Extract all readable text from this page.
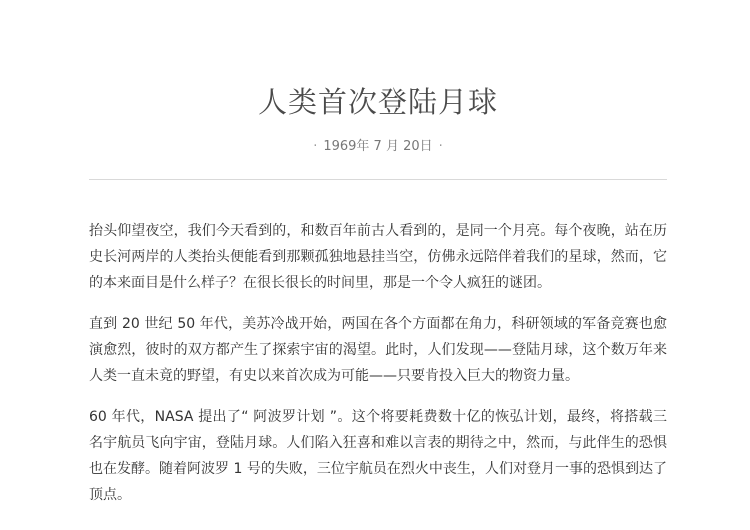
人类首次登陆月球
· 1969年 7 月 20日 ·

抬头仰望夜空，我们今天看到的，和数百年前古人看到的，是同一个月亮。每个夜晚，站在历史长河两岸的人类抬头便能看到那颗孤独地悬挂当空，仿佛永远陪伴着我们的星球，然而，它的本来面目是什么样子？在很长很长的时间里，那是一个令人疯狂的谜团。

直到 20 世纪 50 年代，美苏冷战开始，两国在各个方面都在角力，科研领域的军备竞赛也愈演愈烈，彼时的双方都产生了探索宇宙的渴望。此时，人们发现——登陆月球，这个数万年来人类一直未竟的野望，有史以来首次成为可能——只要肯投入巨大的物资力量。

60 年代，NASA 提出了“ 阿波罗计划 ”。这个将要耗费数十亿的恢弘计划，最终，将搭载三名宇航员飞向宇宙，登陆月球。人们陷入狂喜和难以言表的期待之中，然而，与此伴生的恐惧也在发酵。随着阿波罗 1 号的失败，三位宇航员在烈火中丧生，人们对登月一事的恐惧到达了顶点。
